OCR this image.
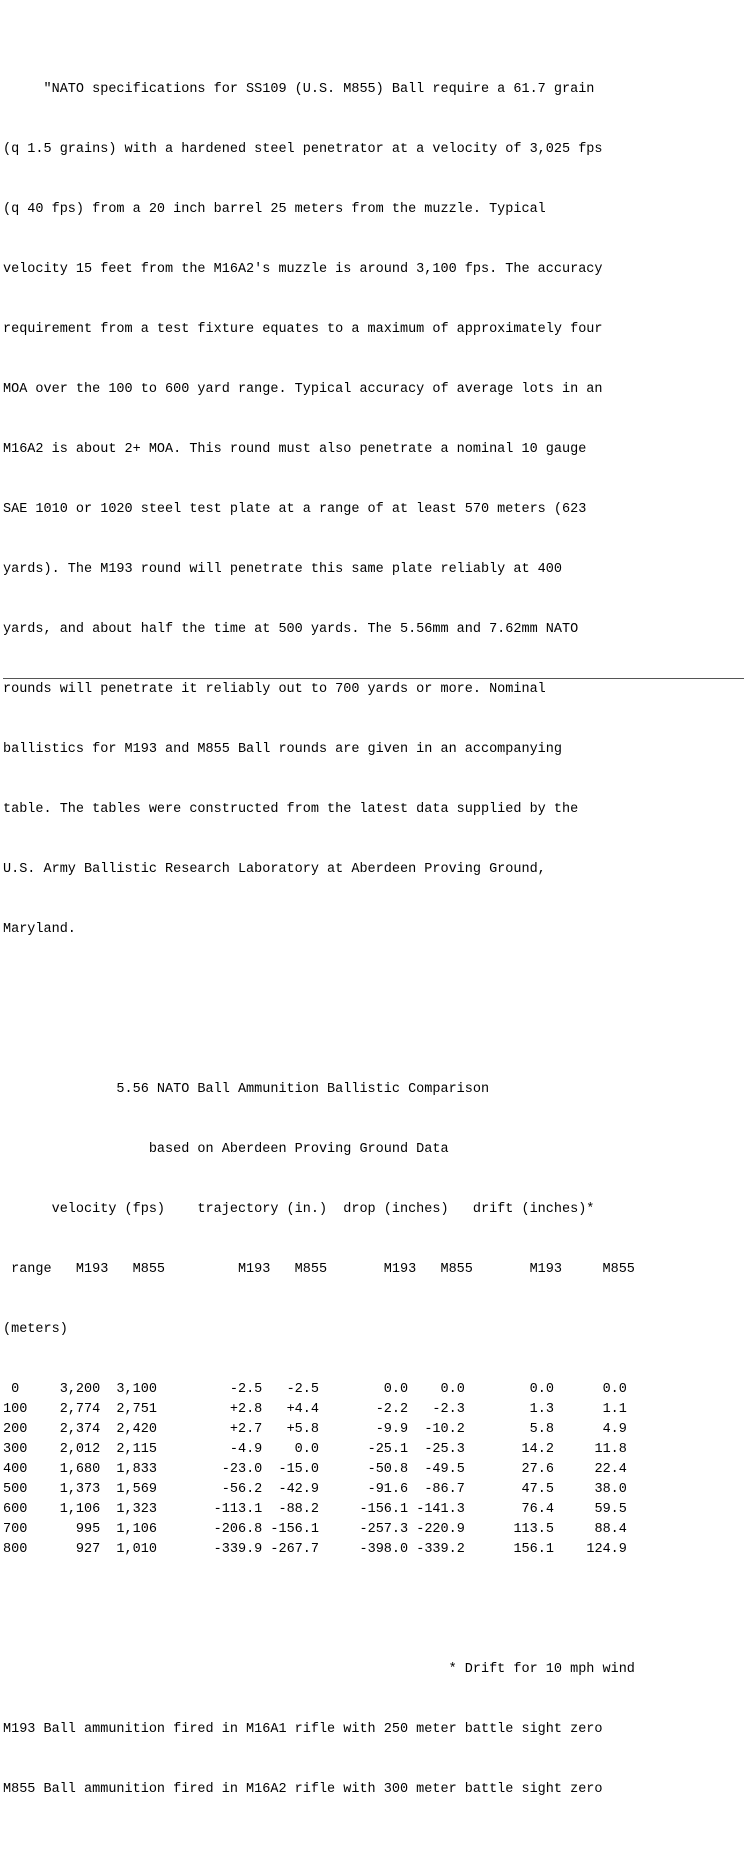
"NATO specifications for SS109 (U.S. M855) Ball require a 61.7 grain

(q 1.5 grains) with a hardened steel penetrator at a velocity of 3,025 fps

(q 40 fps) from a 20 inch barrel 25 meters from the muzzle. Typical

velocity 15 feet from the M16A2's muzzle is around 3,100 fps. The accuracy

requirement from a test fixture equates to a maximum of approximately four

MOA over the 100 to 600 yard range. Typical accuracy of average lots in an

M16A2 is about 2+ MOA. This round must also penetrate a nominal 10 gauge

SAE 1010 or 1020 steel test plate at a range of at least 570 meters (623

yards). The M193 round will penetrate this same plate reliably at 400

yards, and about half the time at 500 yards. The 5.56mm and 7.62mm NATO

rounds will penetrate it reliably out to 700 yards or more. Nominal

ballistics for M193 and M855 Ball rounds are given in an accompanying

table. The tables were constructed from the latest data supplied by the

U.S. Army Ballistic Research Laboratory at Aberdeen Proving Ground,

Maryland.

5.56 NATO Ball Ammunition Ballistic Comparison

based on Aberdeen Proving Ground Data

velocity (fps)    trajectory (in.)  drop (inches)   drift (inches)*

range   M193   M855         M193   M855       M193   M855       M193     M855

(meters)

0     3,200  3,100         -2.5   -2.5        0.0    0.0        0.0      0.0
100    2,774  2,751         +2.8   +4.4       -2.2   -2.3        1.3      1.1
200    2,374  2,420         +2.7   +5.8       -9.9  -10.2        5.8      4.9
300    2,012  2,115         -4.9    0.0      -25.1  -25.3       14.2     11.8
400    1,680  1,833        -23.0  -15.0      -50.8  -49.5       27.6     22.4
500    1,373  1,569        -56.2  -42.9      -91.6  -86.7       47.5     38.0
600    1,106  1,323       -113.1  -88.2     -156.1 -141.3       76.4     59.5
700      995  1,106       -206.8 -156.1     -257.3 -220.9      113.5     88.4
800      927  1,010       -339.9 -267.7     -398.0 -339.2      156.1    124.9

* Drift for 10 mph wind

M193 Ball ammunition fired in M16A1 rifle with 250 meter battle sight zero

M855 Ball ammunition fired in M16A2 rifle with 300 meter battle sight zero
